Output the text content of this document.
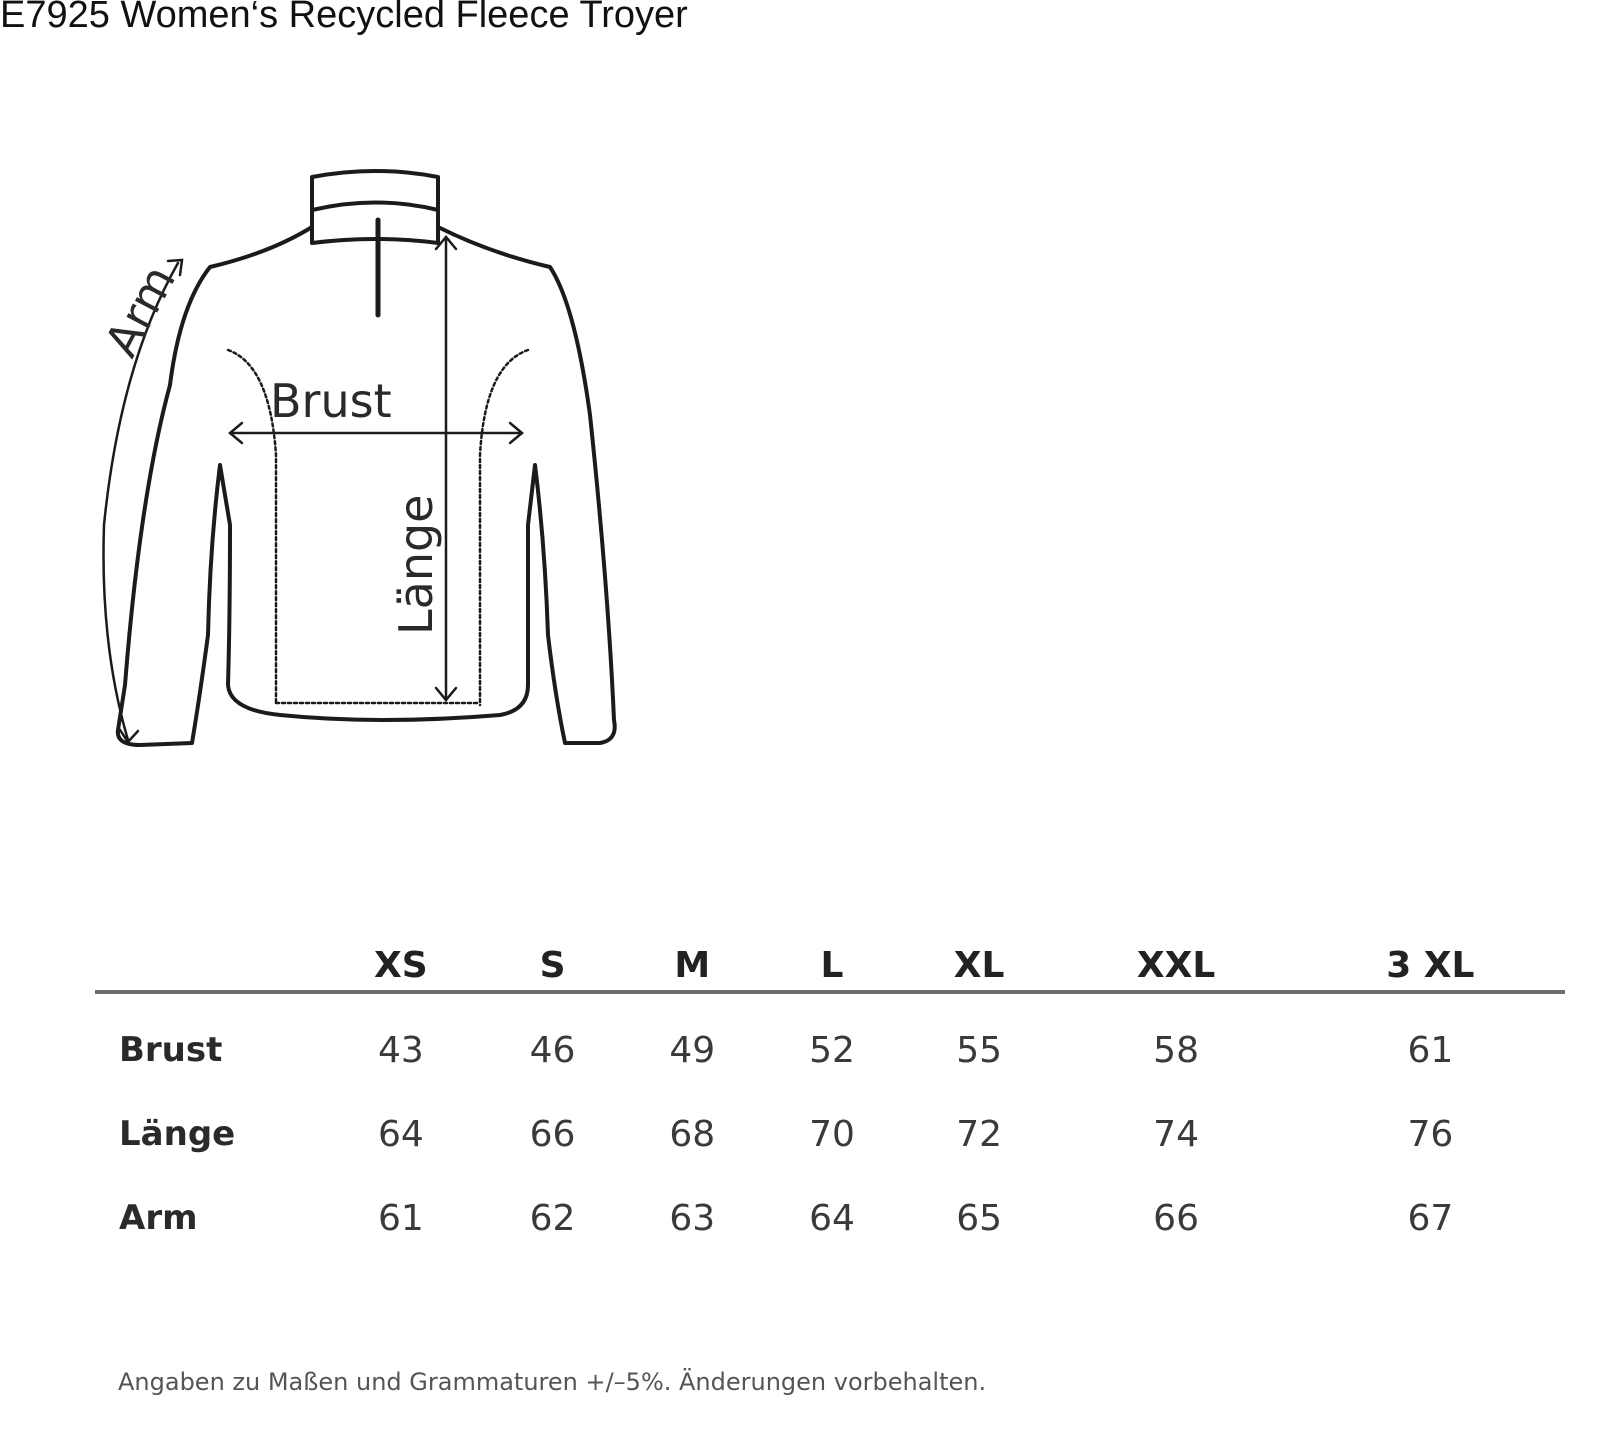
E7925 Women‘s Recycled Fleece Troyer
Brust
Länge
Arm
	XS	S	M	L	XL	XXL	3 XL
Brust	43	46	49	52	55	58	61
Länge	64	66	68	70	72	74	76
Arm	61	62	63	64	65	66	67
Angaben zu Maßen und Grammaturen +/–5%. Änderungen vorbehalten.
